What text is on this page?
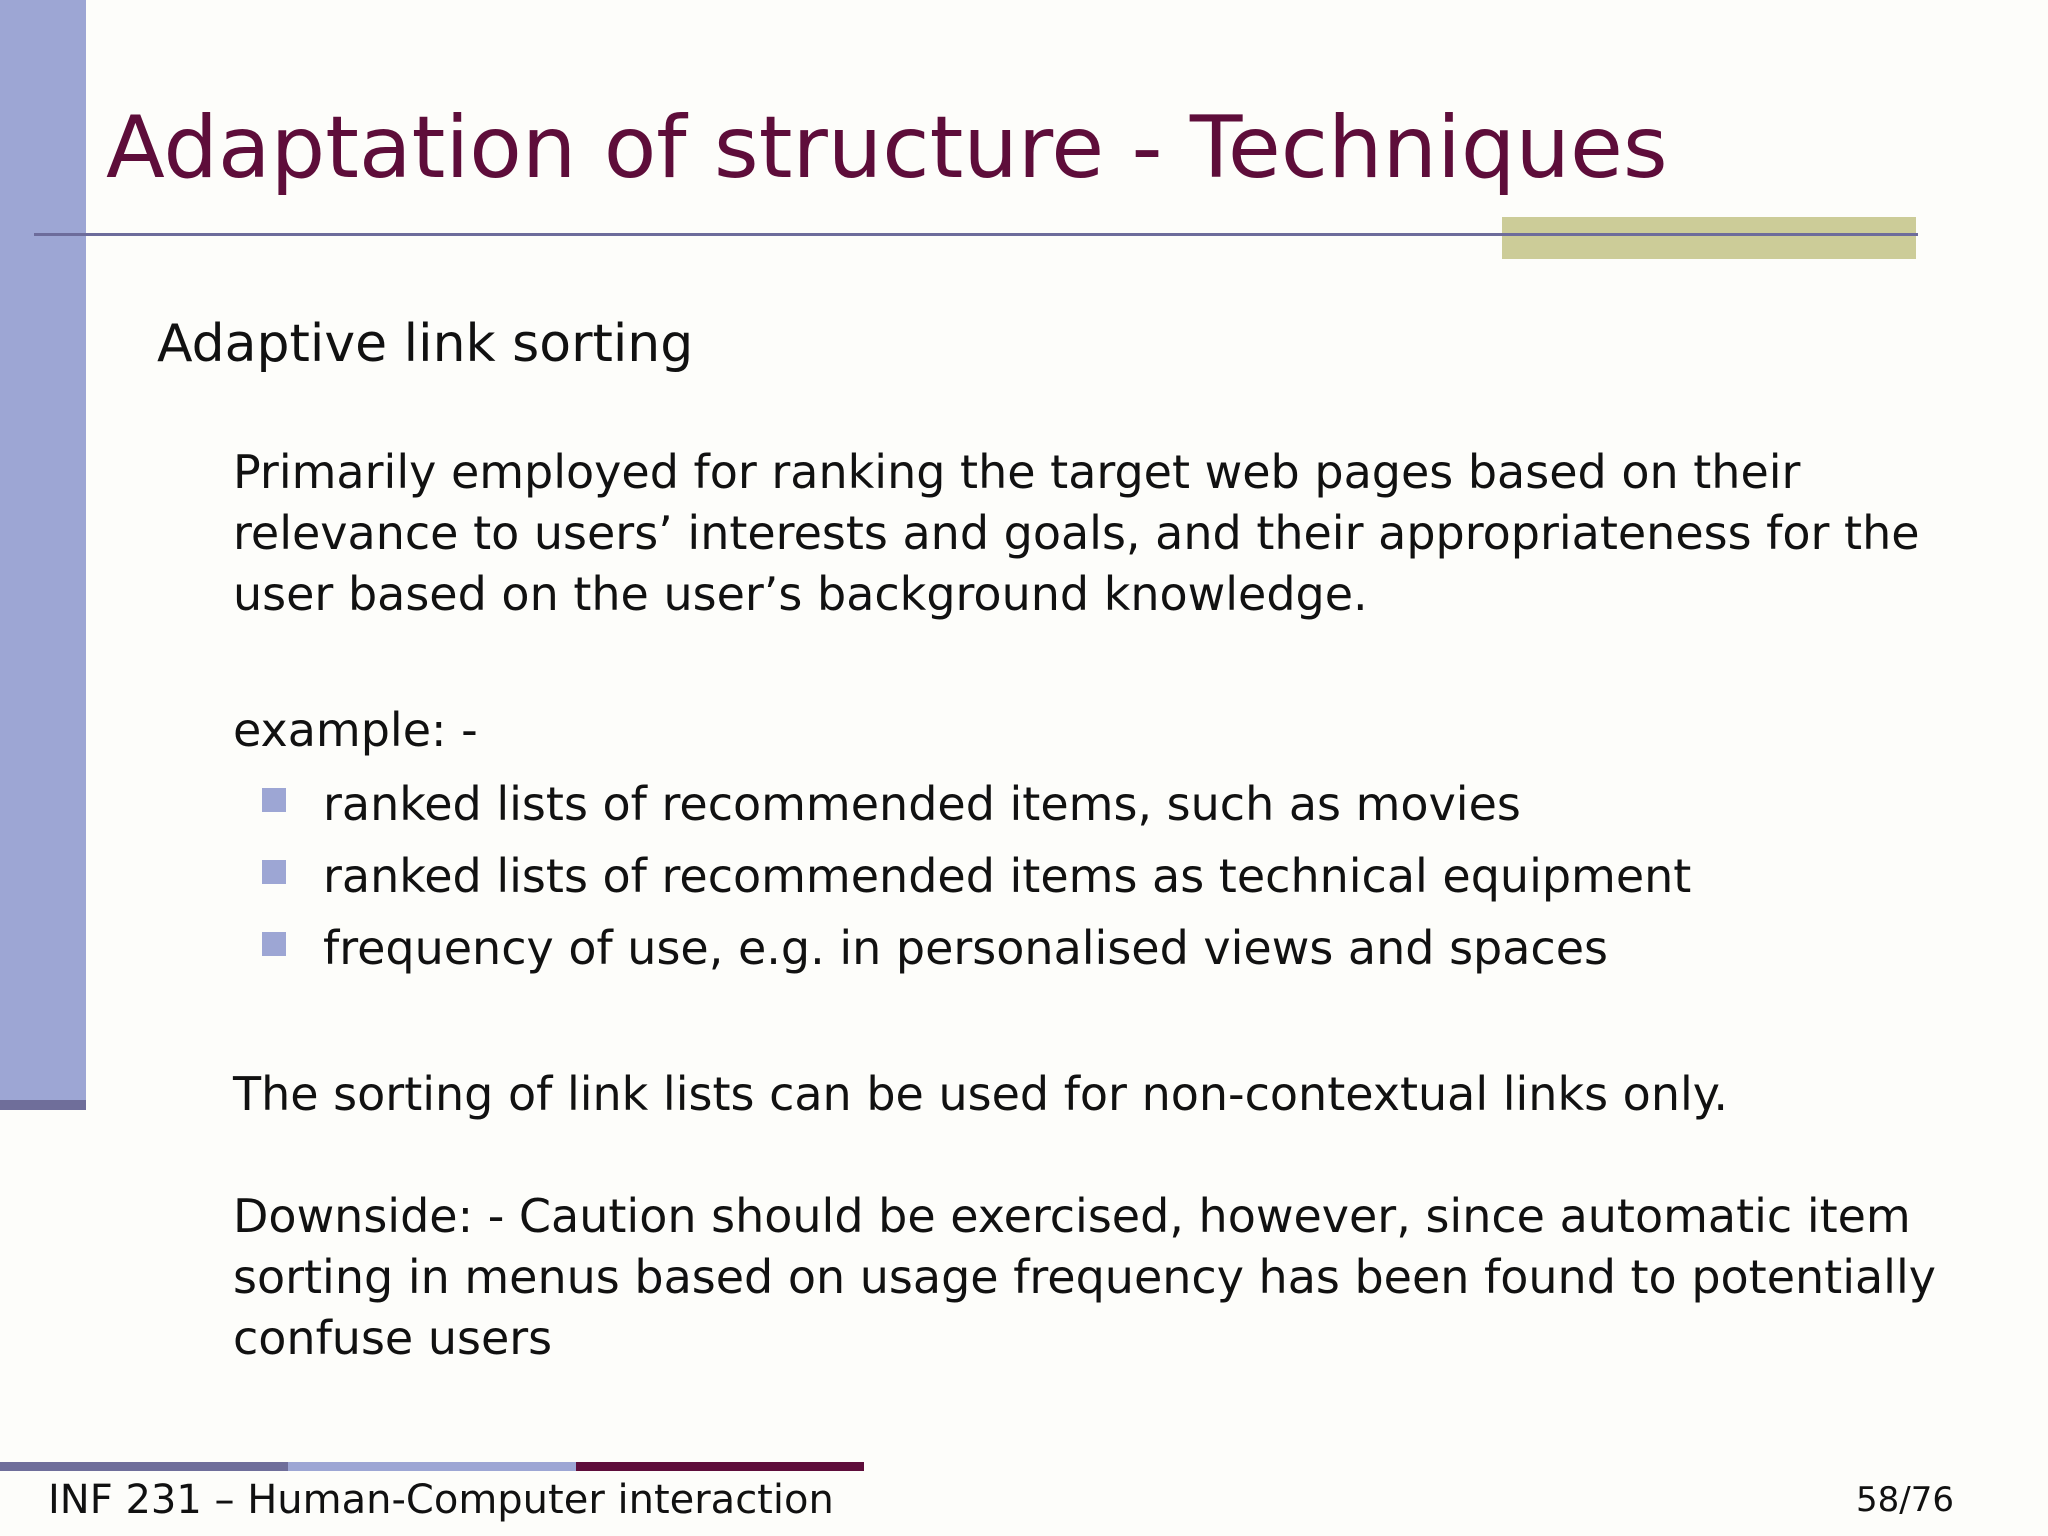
Adaptation of structure - Techniques
Adaptive link sorting

Primarily employed for ranking the target web pages based on their relevance to users’ interests and goals, and their appropriateness for the user based on the user’s background knowledge.

example: -

ranked lists of recommended items, such as movies
ranked lists of recommended items as technical equipment
frequency of use, e.g. in personalised views and spaces

The sorting of link lists can be used for non-contextual links only.

Downside: - Caution should be exercised, however, since automatic item sorting in menus based on usage frequency has been found to potentially confuse users

INF 231 – Human-Computer interaction	58/76
